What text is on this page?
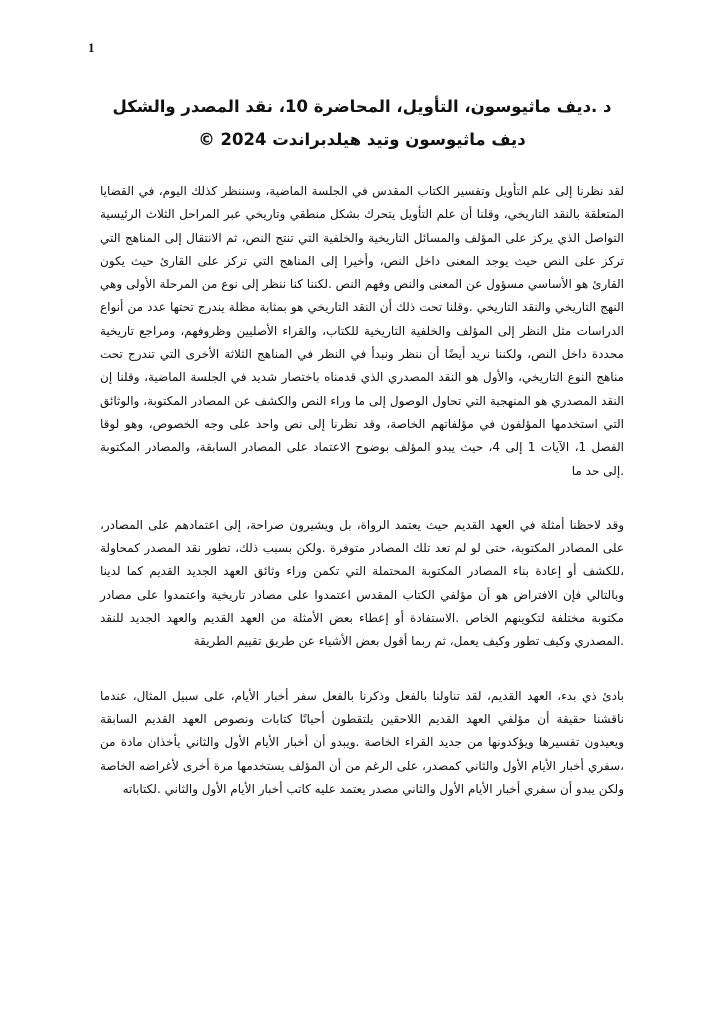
1
د .ديف ماثيوسون، التأويل، المحاضرة 10، نقد المصدر والشكل
ديف ماثيوسون وتيد هيلدبراندت 2024 ©

لقد نظرنا إلى علم التأويل وتفسير الكتاب المقدس في الجلسة الماضية، وسننظر كذلك اليوم، في القضايا المتعلقة بالنقد التاريخي، وقلنا أن علم التأويل يتحرك بشكل منطقي وتاريخي عبر المراحل الثلاث الرئيسية التواصل الذي يركز على المؤلف والمسائل التاريخية والخلفية التي تنتج النص، ثم الانتقال إلى المناهج التي تركز على النص حيث يوجد المعنى داخل النص، وأخيرا إلى المناهج التي تركز على القارئ حيث يكون القارئ هو الأساسي مسؤول عن المعنى والنص وفهم النص .لكننا كنا ننظر إلى نوع من المرحلة الأولى وهي النهج التاريخي والنقد التاريخي .وقلنا تحت ذلك أن النقد التاريخي هو بمثابة مظلة يندرج تحتها عدد من أنواع الدراسات مثل النظر إلى المؤلف والخلفية التاريخية للكتاب، والقراء الأصليين وظروفهم، ومراجع تاريخية محددة داخل النص، ولكننا نريد أيضًا أن ننظر ونبدأ في النظر في المناهج الثلاثة الأخرى التي تندرج تحت مناهج النوع التاريخي، والأول هو النقد المصدري الذي قدمناه باختصار شديد في الجلسة الماضية، وقلنا إن النقد المصدري هو المنهجية التي تحاول الوصول إلى ما وراء النص والكشف عن المصادر المكتوبة، والوثائق التي استخدمها المؤلفون في مؤلفاتهم الخاصة، وقد نظرنا إلى نص واحد على وجه الخصوص، وهو لوقا الفصل 1، الآيات 1 إلى 4، حيث يبدو المؤلف بوضوح الاعتماد على المصادر السابقة، والمصادر المكتوبة .إلى حد ما

وقد لاحظنا أمثلة في العهد القديم حيث يعتمد الرواة، بل ويشيرون صراحة، إلى اعتمادهم على المصادر، على المصادر المكتوبة، حتى لو لم تعد تلك المصادر متوفرة .ولكن بسبب ذلك، تطور نقد المصدر كمحاولة ،للكشف أو إعادة بناء المصادر المكتوبة المحتملة التي تكمن وراء وثائق العهد الجديد القديم كما لدينا وبالتالي فإن الافتراض هو أن مؤلفي الكتاب المقدس اعتمدوا على مصادر تاريخية واعتمدوا على مصادر مكتوبة مختلفة لتكوينهم الخاص .الاستفادة أو إعطاء بعض الأمثلة من العهد القديم والعهد الجديد للنقد .المصدري وكيف تطور وكيف يعمل، ثم ربما أقول بعض الأشياء عن طريق تقييم الطريقة

بادئ ذي بدء، العهد القديم، لقد تناولنا بالفعل وذكرنا بالفعل سفر أخبار الأيام، على سبيل المثال، عندما ناقشنا حقيقة أن مؤلفي العهد القديم اللاحقين يلتقطون أحيانًا كتابات ونصوص العهد القديم السابقة ويعيدون تفسيرها ويؤكدونها من جديد القراء الخاصة .ويبدو أن أخبار الأيام الأول والثاني يأخذان مادة من ،سفري أخبار الأيام الأول والثاني كمصدر، على الرغم من أن المؤلف يستخدمها مرة أخرى لأغراضه الخاصة ولكن يبدو أن سفري أخبار الأيام الأول والثاني مصدر يعتمد عليه كاتب أخبار الأيام الأول والثاني .لكتاباته
